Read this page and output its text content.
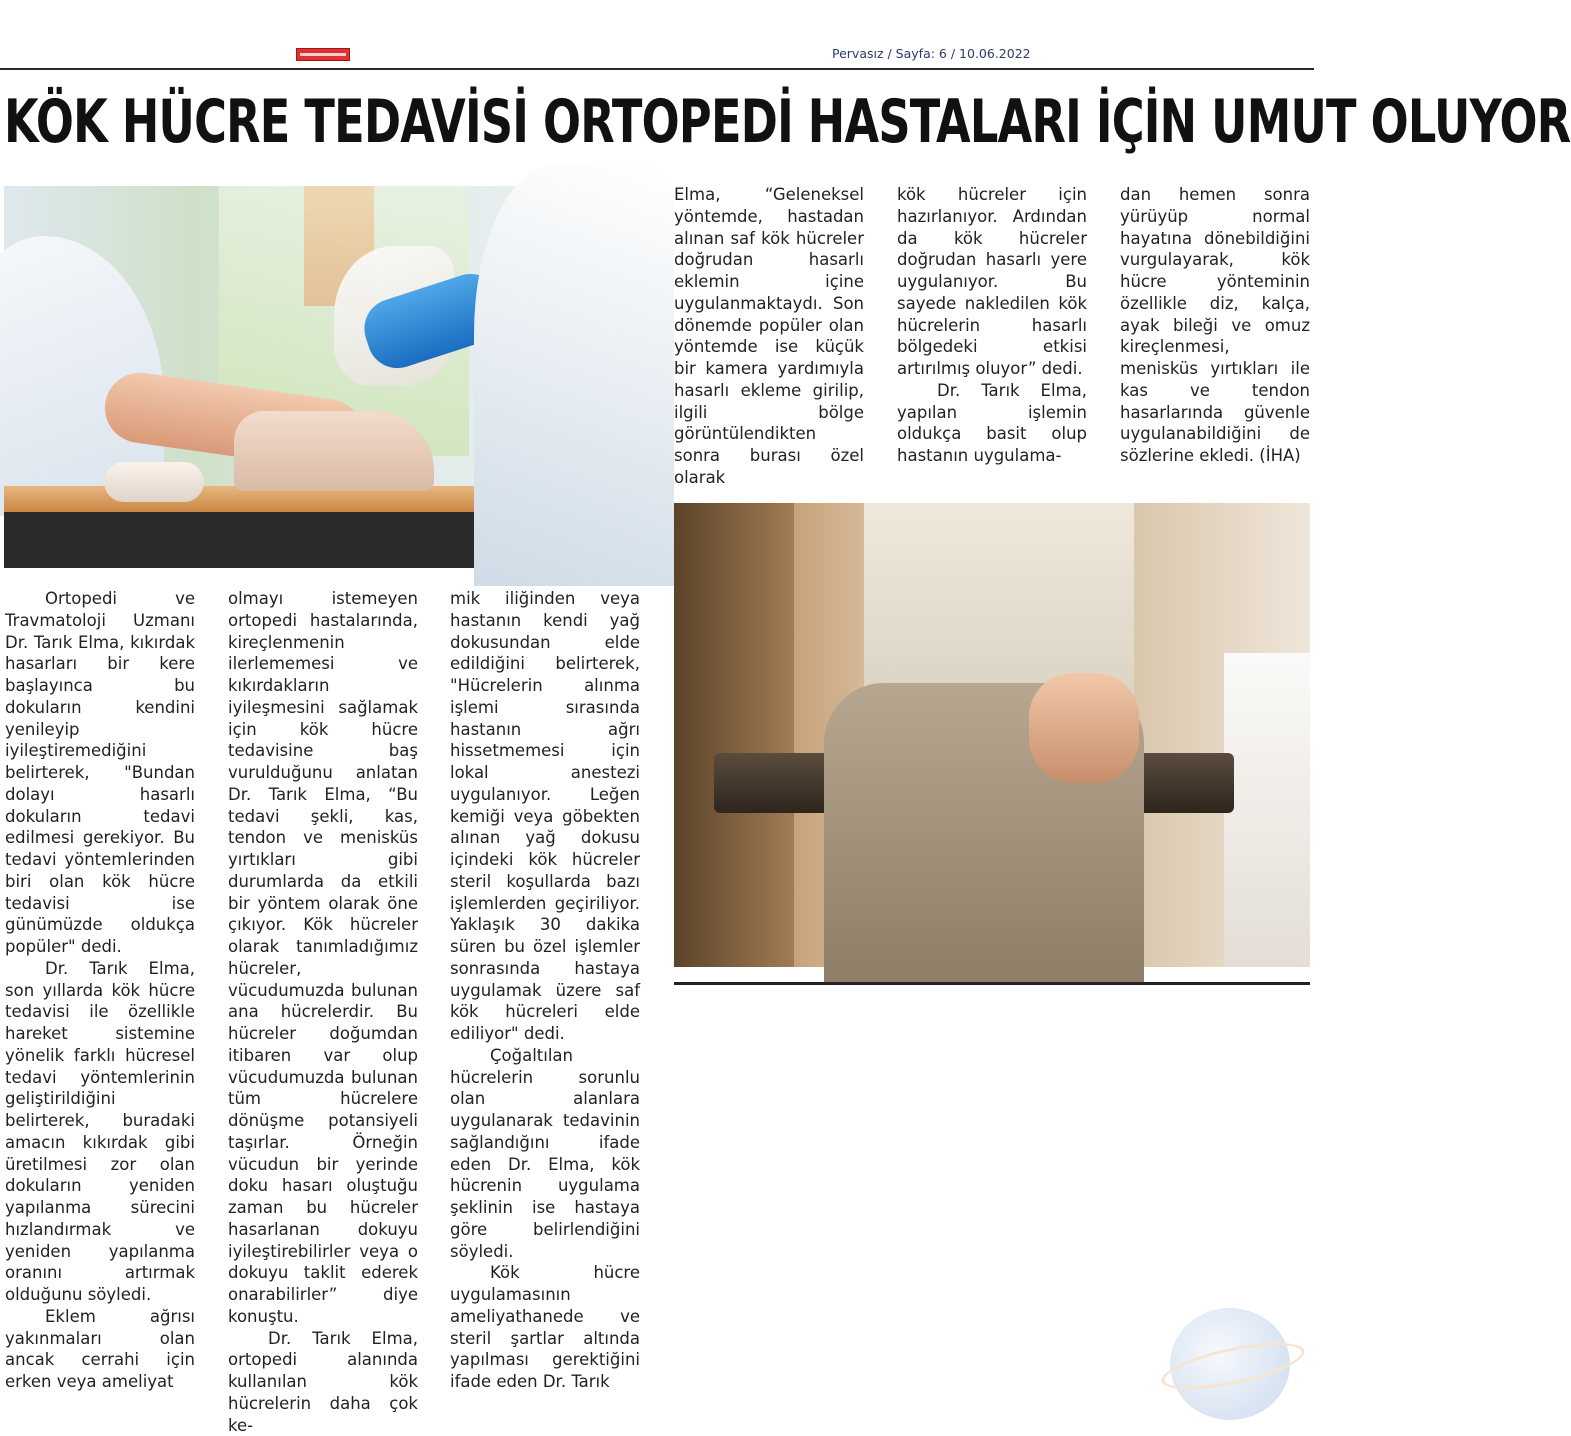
Pervasız / Sayfa: 6 / 10.06.2022
KÖK HÜCRE TEDAVİSİ ORTOPEDİ HASTALARI İÇİN UMUT OLUYOR

Ortopedi ve Travmatoloji Uzmanı Dr. Tarık Elma, kıkırdak hasarları bir kere başlayınca bu dokuların kendini yenileyip iyileştiremediğini belirterek, "Bundan dolayı hasarlı dokuların tedavi edilmesi gerekiyor. Bu tedavi yöntemlerinden biri olan kök hücre tedavisi ise günümüzde oldukça popüler" dedi.

Dr. Tarık Elma, son yıllarda kök hücre tedavisi ile özellikle hareket sistemine yönelik farklı hücresel tedavi yöntemlerinin geliştirildiğini belirterek, buradaki amacın kıkırdak gibi üretilmesi zor olan dokuların yeniden yapılanma sürecini hızlandırmak ve yeniden yapılanma oranını artırmak olduğunu söyledi.

Eklem ağrısı yakınmaları olan ancak cerrahi için erken veya ameliyat

olmayı istemeyen ortopedi hastalarında, kireçlenmenin ilerlememesi ve kıkırdakların iyileşmesini sağlamak için kök hücre tedavisine baş vurulduğunu anlatan Dr. Tarık Elma, “Bu tedavi şekli, kas, tendon ve menisküs yırtıkları gibi durumlarda da etkili bir yöntem olarak öne çıkıyor. Kök hücreler olarak tanımladığımız hücreler, vücudumuzda bulunan ana hücrelerdir. Bu hücreler doğumdan itibaren var olup vücudumuzda bulunan tüm hücrelere dönüşme potansiyeli taşırlar. Örneğin vücudun bir yerinde doku hasarı oluştuğu zaman bu hücreler hasarlanan dokuyu iyileştirebilirler veya o dokuyu taklit ederek onarabilirler” diye konuştu.

Dr. Tarık Elma, ortopedi alanında kullanılan kök hücrelerin daha çok ke-

mik iliğinden veya hastanın kendi yağ dokusundan elde edildiğini belirterek, "Hücrelerin alınma işlemi sırasında hastanın ağrı hissetmemesi için lokal anestezi uygulanıyor. Leğen kemiği veya göbekten alınan yağ dokusu içindeki kök hücreler steril koşullarda bazı işlemlerden geçiriliyor. Yaklaşık 30 dakika süren bu özel işlemler sonrasında hastaya uygulamak üzere saf kök hücreleri elde ediliyor" dedi.

Çoğaltılan hücrelerin sorunlu olan alanlara uygulanarak tedavinin sağlandığını ifade eden Dr. Elma, kök hücrenin uygulama şeklinin ise hastaya göre belirlendiğini söyledi.

Kök hücre uygulamasının ameliyathanede ve steril şartlar altında yapılması gerektiğini ifade eden Dr. Tarık

Elma, “Geleneksel yöntemde, hastadan alınan saf kök hücreler doğrudan hasarlı eklemin içine uygulanmaktaydı. Son dönemde popüler olan yöntemde ise küçük bir kamera yardımıyla hasarlı ekleme girilip, ilgili bölge görüntülendikten sonra burası özel olarak

kök hücreler için hazırlanıyor. Ardından da kök hücreler doğrudan hasarlı yere uygulanıyor. Bu sayede nakledilen kök hücrelerin hasarlı bölgedeki etkisi artırılmış oluyor” dedi.

Dr. Tarık Elma, yapılan işlemin oldukça basit olup hastanın uygulama-

dan hemen sonra yürüyüp normal hayatına dönebildiğini vurgulayarak, kök hücre yönteminin özellikle diz, kalça, ayak bileği ve omuz kireçlenmesi, menisküs yırtıkları ile kas ve tendon hasarlarında güvenle uygulanabildiğini de sözlerine ekledi. (İHA)
